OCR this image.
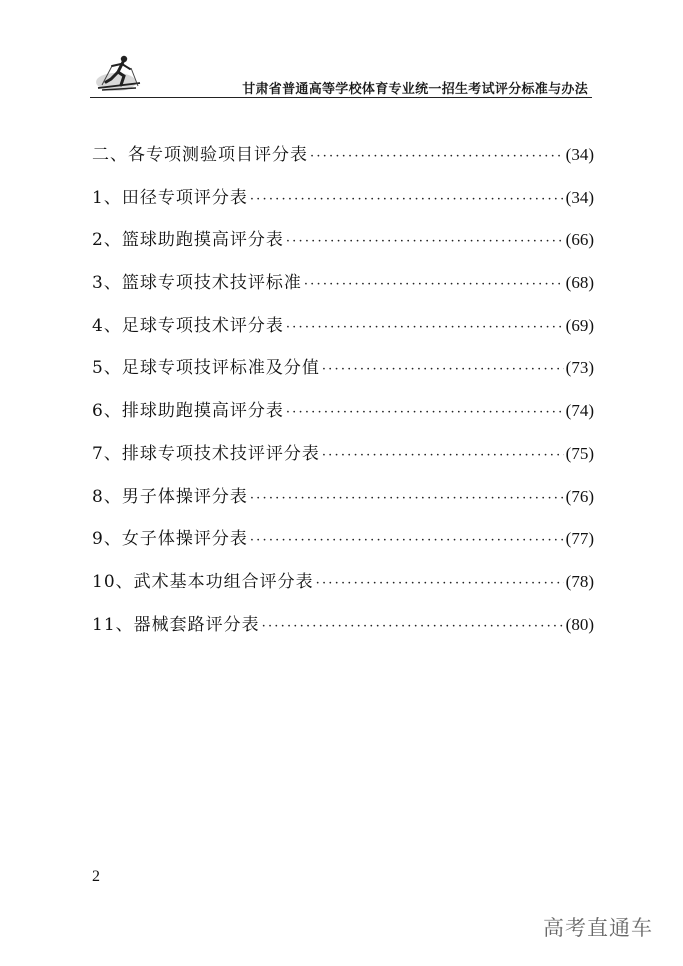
甘肃省普通高等学校体育专业统一招生考试评分标准与办法
二、各专项测验项目评分表 ·····	(34)
1、田径专项评分表 ·····	(34)
2、篮球助跑摸高评分表 ·····	(66)
3、篮球专项技术技评标准 ·····	(68)
4、足球专项技术评分表 ·····	(69)
5、足球专项技评标准及分值 ·····	(73)
6、排球助跑摸高评分表 ·····	(74)
7、排球专项技术技评评分表 ·····	(75)
8、男子体操评分表 ·····	(76)
9、女子体操评分表 ·····	(77)
10、武术基本功组合评分表 ·····	(78)
11、器械套路评分表 ·····	(80)
2
高考直通车
